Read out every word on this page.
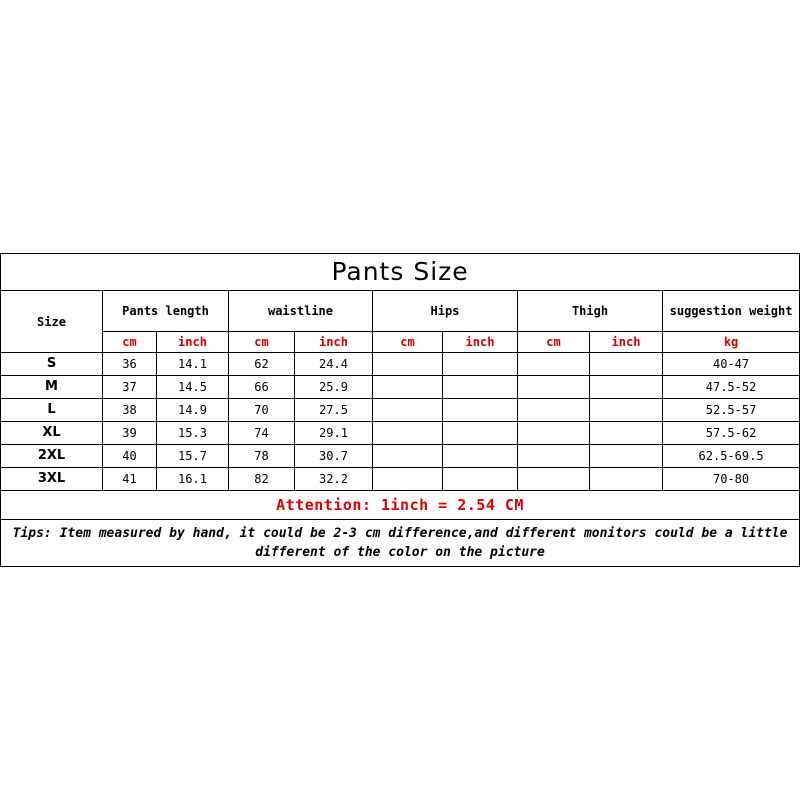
Pants Size									
Size	Pants length		waistline		Hips		Thigh		suggestion weight
	cm	inch	cm	inch	cm	inch	cm	inch	kg
S	36	14.1	62	24.4					40-47
M	37	14.5	66	25.9					47.5-52
L	38	14.9	70	27.5					52.5-57
XL	39	15.3	74	29.1					57.5-62
2XL	40	15.7	78	30.7					62.5-69.5
3XL	41	16.1	82	32.2					70-80
Attention: 1inch = 2.54 CM									
Tips: Item measured by hand, it could be 2-3 cm difference,and different monitors could be a little different of the color on the picture									
